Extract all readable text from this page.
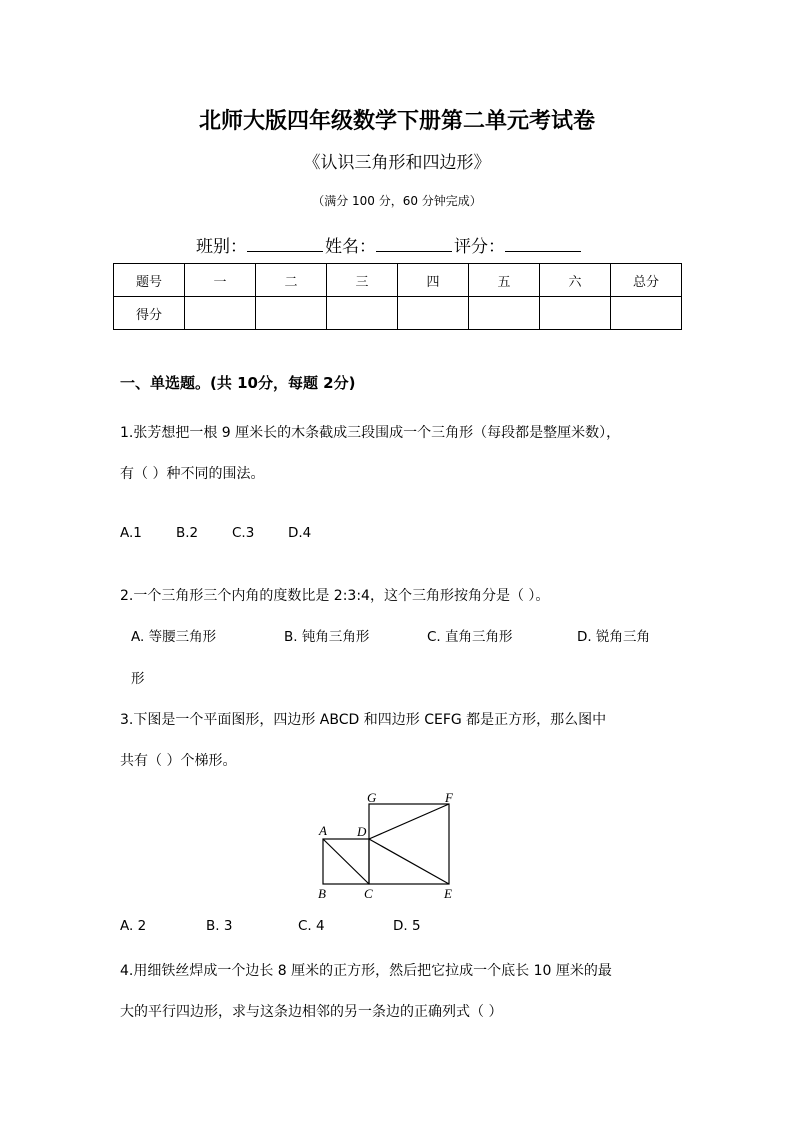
北师大版四年级数学下册第二单元考试卷
《认识三角形和四边形》
（满分 100 分，60 分钟完成）
班别：	姓名：	评分：
题号	一	二	三	四	五	六	总分
得分							
一、单选题。(共 10分，每题 2分)
1.张芳想把一根 9 厘米长的木条截成三段围成一个三角形（每段都是整厘米数），
有（ ）种不同的围法。
A.1	B.2	C.3 D.4
2.一个三角形三个内角的度数比是 2:3:4，这个三角形按角分是（ ）。
A. 等腰三角形	B. 钝角三角形	C. 直角三角形	D. 锐角三角
形
3.下图是一个平面图形，四边形 ABCD 和四边形 CEFG 都是正方形，那么图中
共有（ ）个梯形。
G	F
A D
B	C	E
A. 2	B. 3	C. 4	D. 5
4.用细铁丝焊成一个边长 8 厘米的正方形，然后把它拉成一个底长 10 厘米的最
大的平行四边形，求与这条边相邻的另一条边的正确列式（ ）
